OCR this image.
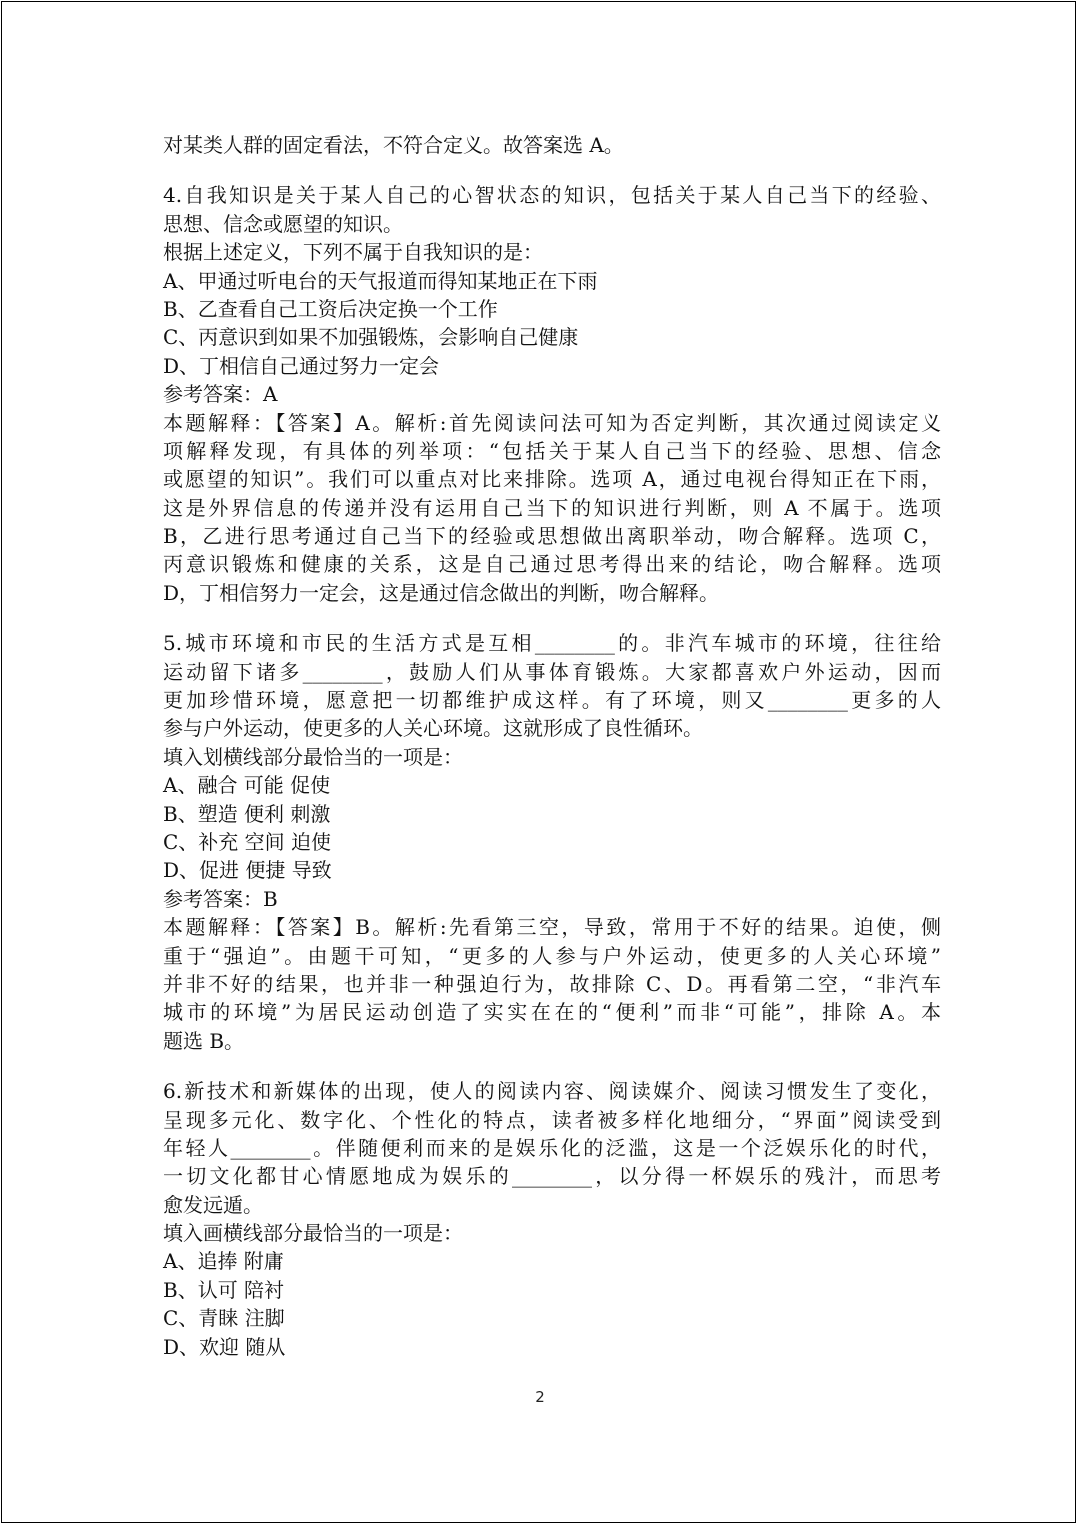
对某类人群的固定看法，不符合定义。故答案选 A。
4.自我知识是关于某人自己的心智状态的知识，包括关于某人自己当下的经验、
思想、信念或愿望的知识。
根据上述定义，下列不属于自我知识的是：
A、甲通过听电台的天气报道而得知某地正在下雨
B、乙查看自己工资后决定换一个工作
C、丙意识到如果不加强锻炼，会影响自己健康
D、丁相信自己通过努力一定会
参考答案：A
本题解释：【答案】A。解析:首先阅读问法可知为否定判断，其次通过阅读定义
项解释发现，有具体的列举项：“包括关于某人自己当下的经验、思想、信念
或愿望的知识”。我们可以重点对比来排除。选项 A，通过电视台得知正在下雨，
这是外界信息的传递并没有运用自己当下的知识进行判断，则 A 不属于。选项
B，乙进行思考通过自己当下的经验或思想做出离职举动，吻合解释。选项 C，
丙意识锻炼和健康的关系，这是自己通过思考得出来的结论，吻合解释。选项
D，丁相信努力一定会，这是通过信念做出的判断，吻合解释。
5.城市环境和市民的生活方式是互相________的。非汽车城市的环境，往往给
运动留下诸多________，鼓励人们从事体育锻炼。大家都喜欢户外运动，因而
更加珍惜环境，愿意把一切都维护成这样。有了环境，则又________更多的人
参与户外运动，使更多的人关心环境。这就形成了良性循环。
填入划横线部分最恰当的一项是：
A、融合 可能 促使
B、塑造 便利 刺激
C、补充 空间 迫使
D、促进 便捷 导致
参考答案：B
本题解释：【答案】B。解析:先看第三空，导致，常用于不好的结果。迫使，侧
重于“强迫”。由题干可知，“更多的人参与户外运动，使更多的人关心环境”
并非不好的结果，也并非一种强迫行为，故排除 C、D。再看第二空，“非汽车
城市的环境”为居民运动创造了实实在在的“便利”而非“可能”，排除 A。本
题选 B。
6.新技术和新媒体的出现，使人的阅读内容、阅读媒介、阅读习惯发生了变化，
呈现多元化、数字化、个性化的特点，读者被多样化地细分，“界面”阅读受到
年轻人________。伴随便利而来的是娱乐化的泛滥，这是一个泛娱乐化的时代，
一切文化都甘心情愿地成为娱乐的________，以分得一杯娱乐的残汁，而思考
愈发远遁。
填入画横线部分最恰当的一项是：
A、追捧 附庸
B、认可 陪衬
C、青睐 注脚
D、欢迎 随从
2
